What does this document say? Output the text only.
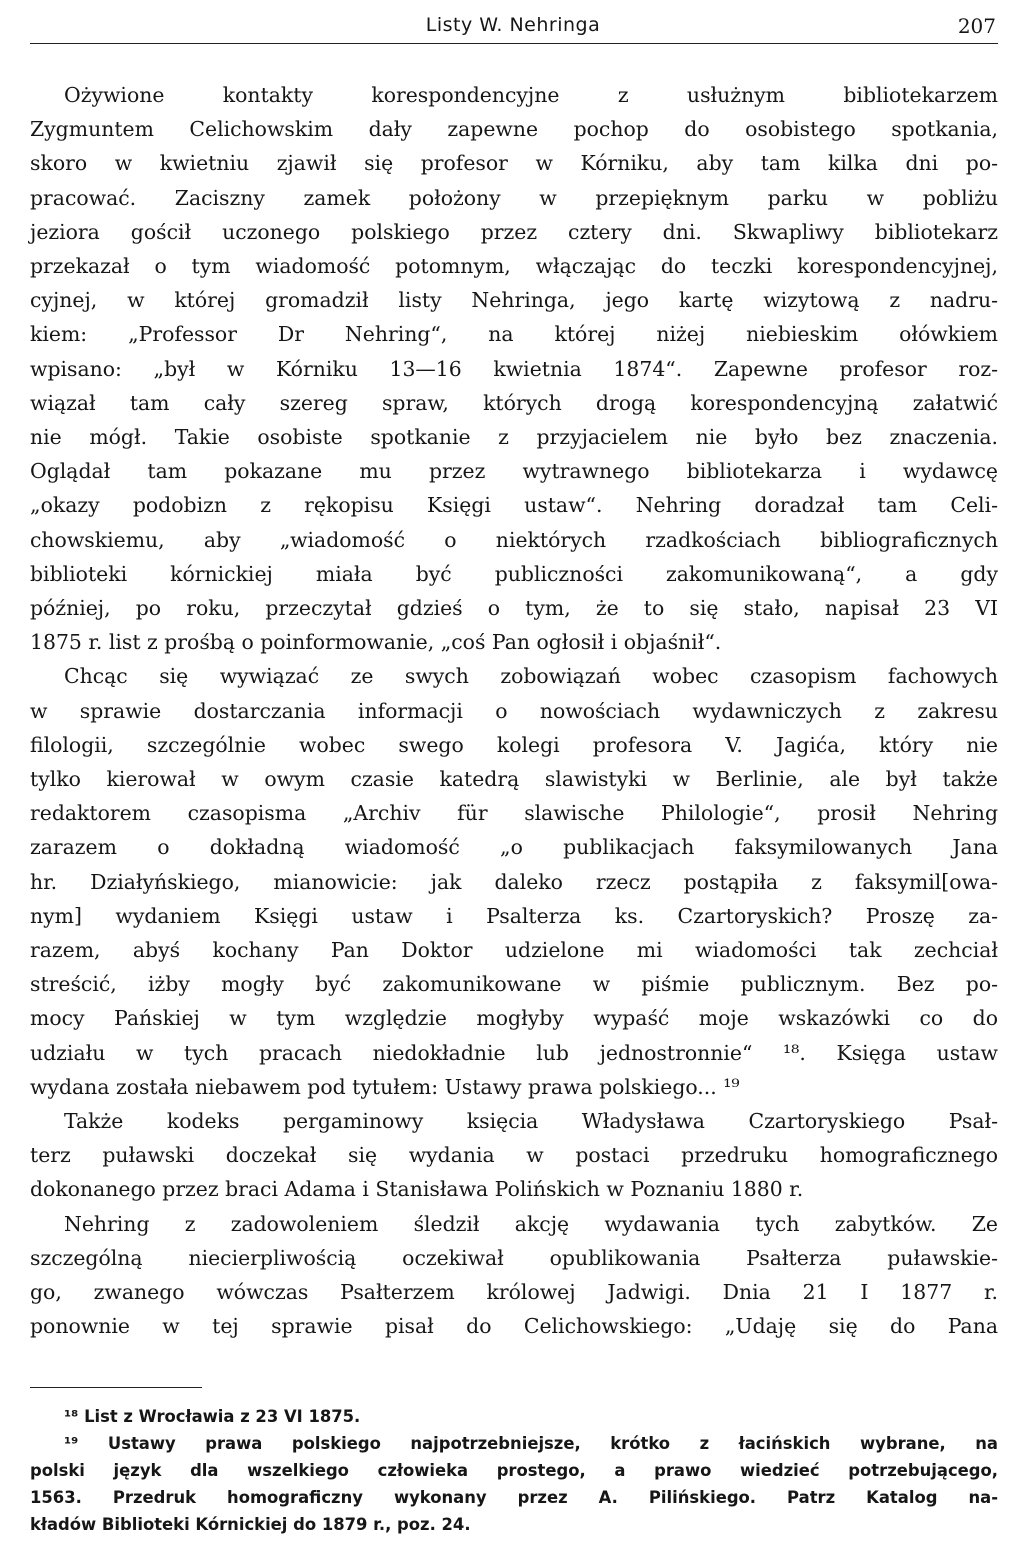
Listy W. Nehringa	207
Ożywione kontakty korespondencyjne z usłużnym bibliotekarzem
Zygmuntem Celichowskim dały zapewne pochop do osobistego spotkania,
skoro w kwietniu zjawił się profesor w Kórniku, aby tam kilka dni po-
pracować. Zaciszny zamek położony w przepięknym parku w pobliżu
jeziora gościł uczonego polskiego przez cztery dni. Skwapliwy bibliotekarz
przekazał o tym wiadomość potomnym, włączając do teczki korespondencyjnej,
cyjnej, w której gromadził listy Nehringa, jego kartę wizytową z nadru-
kiem: „Professor Dr Nehring“, na której niżej niebieskim ołówkiem
wpisano: „był w Kórniku 13—16 kwietnia 1874“. Zapewne profesor roz-
wiązał tam cały szereg spraw, których drogą korespondencyjną załatwić
nie mógł. Takie osobiste spotkanie z przyjacielem nie było bez znaczenia.
Oglądał tam pokazane mu przez wytrawnego bibliotekarza i wydawcę
„okazy podobizn z rękopisu Księgi ustaw“. Nehring doradzał tam Celi-
chowskiemu, aby „wiadomość o niektórych rzadkościach bibliograficznych
biblioteki kórnickiej miała być publiczności zakomunikowaną“, a gdy
później, po roku, przeczytał gdzieś o tym, że to się stało, napisał 23 VI
1875 r. list z prośbą o poinformowanie, „coś Pan ogłosił i objaśnił“.
Chcąc się wywiązać ze swych zobowiązań wobec czasopism fachowych
w sprawie dostarczania informacji o nowościach wydawniczych z zakresu
filologii, szczególnie wobec swego kolegi profesora V. Jagića, który nie
tylko kierował w owym czasie katedrą slawistyki w Berlinie, ale był także
redaktorem czasopisma „Archiv für slawische Philologie“, prosił Nehring
zarazem o dokładną wiadomość „o publikacjach faksymilowanych Jana
hr. Działyńskiego, mianowicie: jak daleko rzecz postąpiła z faksymil[owa-
nym] wydaniem Księgi ustaw i Psalterza ks. Czartoryskich? Proszę za-
razem, abyś kochany Pan Doktor udzielone mi wiadomości tak zechciał
streścić, iżby mogły być zakomunikowane w piśmie publicznym. Bez po-
mocy Pańskiej w tym względzie mogłyby wypaść moje wskazówki co do
udziału w tych pracach niedokładnie lub jednostronnie“ ¹⁸. Księga ustaw
wydana została niebawem pod tytułem: Ustawy prawa polskiego... ¹⁹
Także kodeks pergaminowy księcia Władysława Czartoryskiego Psał-
terz puławski doczekał się wydania w postaci przedruku homograficznego
dokonanego przez braci Adama i Stanisława Polińskich w Poznaniu 1880 r.
Nehring z zadowoleniem śledził akcję wydawania tych zabytków. Ze
szczególną niecierpliwością oczekiwał opublikowania Psałterza puławskie-
go, zwanego wówczas Psałterzem królowej Jadwigi. Dnia 21 I 1877 r.
ponownie w tej sprawie pisał do Celichowskiego: „Udaję się do Pana
¹⁸ List z Wrocławia z 23 VI 1875.
¹⁹ Ustawy prawa polskiego najpotrzebniejsze, krótko z łacińskich wybrane, na
polski język dla wszelkiego człowieka prostego, a prawo wiedzieć potrzebującego,
1563. Przedruk homograficzny wykonany przez A. Pilińskiego. Patrz Katalog na-
kładów Biblioteki Kórnickiej do 1879 r., poz. 24.
